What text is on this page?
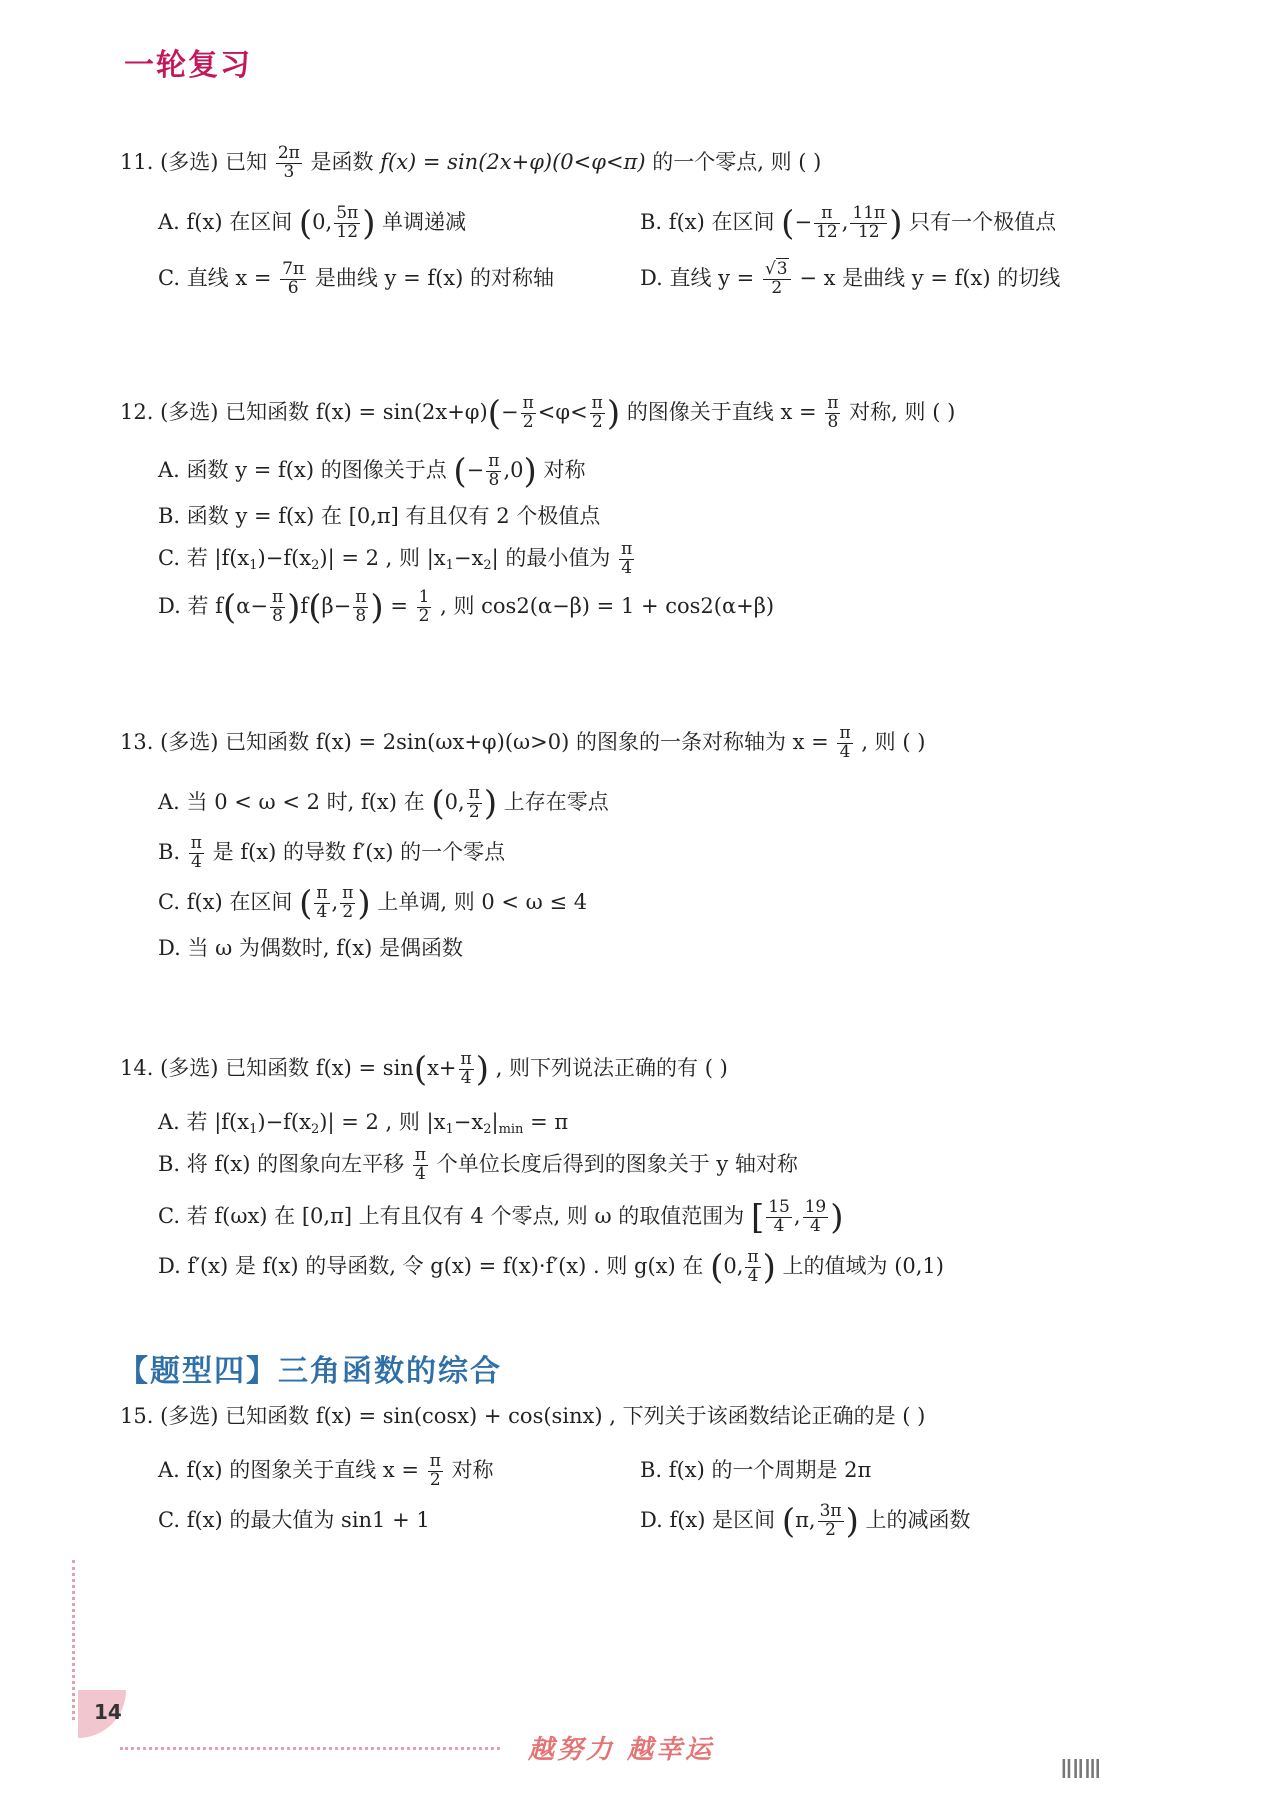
一轮复习
11. (多选) 已知 $\frac{2\pi}{3}$ 是函数 f(x) = sin(2x+φ)(0<φ<π) 的一个零点, 则 ( )
A. f(x) 在区间 (0, $\frac{5\pi}{12}$ ) 单调递减	B. f(x) 在区间 (− $\frac{\pi}{12}$ , $\frac{11\pi}{12}$ ) 只有一个极值点
C. 直线 $x = \frac{7\pi}{6}$ 是曲线 y = f(x) 的对称轴	D. 直线 $y = \frac{√3}{2} - x$ 是曲线 y = f(x) 的切线
12. (多选) 已知函数 $f(x) = \sin(2x+\varphi)(- \frac{\pi}{2} <\varphi< \frac{\pi}{2}$ ) 的图像关于直线 $x = \frac{\pi}{8}$ 对称, 则 ( )
A. 函数 y = f(x) 的图像关于点 (− $\frac{\pi}{8} ,0$) 对称
B. 函数 y = f(x) 在 [0,π] 有且仅有 2 个极值点
C. 若 $|f(x_1)-f(x_2)| = 2$ , 则 $|x_1-x_2|$ 的最小值为 $\frac{\pi}{4}$
D. 若 $f(\alpha- \frac{\pi}{8} )f(\beta- \frac{\pi}{8}$ ) = $\frac{1}{2}$ , 则 cos2(α−β) = 1 + cos2(α+β)
13. (多选) 已知函数 f(x) = 2sin(ωx+φ)(ω>0) 的图象的一条对称轴为 $x = \frac{\pi}{4}$ , 则 ( )
A. 当 0 < ω < 2 时, f(x) 在 (0, $\frac{\pi}{2}$ ) 上存在零点
B. $\frac{\pi}{4}$ 是 f(x) 的导数 f′(x) 的一个零点
C. f(x) 在区间 ( $\frac{\pi}{4}$ , $\frac{\pi}{2}$ ) 上单调, 则 0 < ω ≤ 4
D. 当 ω 为偶数时, f(x) 是偶函数
14. (多选) 已知函数 $f(x) = \sin(x+ \frac{\pi}{4}$ ) , 则下列说法正确的有 ( )
A. 若 $|f(x_1)-f(x_2)| = 2$ , 则 $|x_1-x_2|_{min} = \pi$
B. 将 f(x) 的图象向左平移 $\frac{\pi}{4}$ 个单位长度后得到的图象关于 y 轴对称
C. 若 f(ωx) 在 [0,π] 上有且仅有 4 个零点, 则 ω 的取值范围为 [ $\frac{15}{4}$ , $\frac{19}{4}$ )
D. f′(x) 是 f(x) 的导函数, 令 g(x) = f(x)·f′(x) . 则 g(x) 在 (0, $\frac{\pi}{4}$ ) 上的值域为 (0,1)
【题型四】三角函数的综合
15. (多选) 已知函数 f(x) = sin(cosx) + cos(sinx) , 下列关于该函数结论正确的是 ( )
A. f(x) 的图象关于直线 $x = \frac{\pi}{2}$ 对称	B. f(x) 的一个周期是 2π
C. f(x) 的最大值为 sin1 + 1	D. f(x) 是区间 (π, $\frac{3\pi}{2}$ ) 上的减函数
14
越努力 越幸运
ⅡⅡⅢ
